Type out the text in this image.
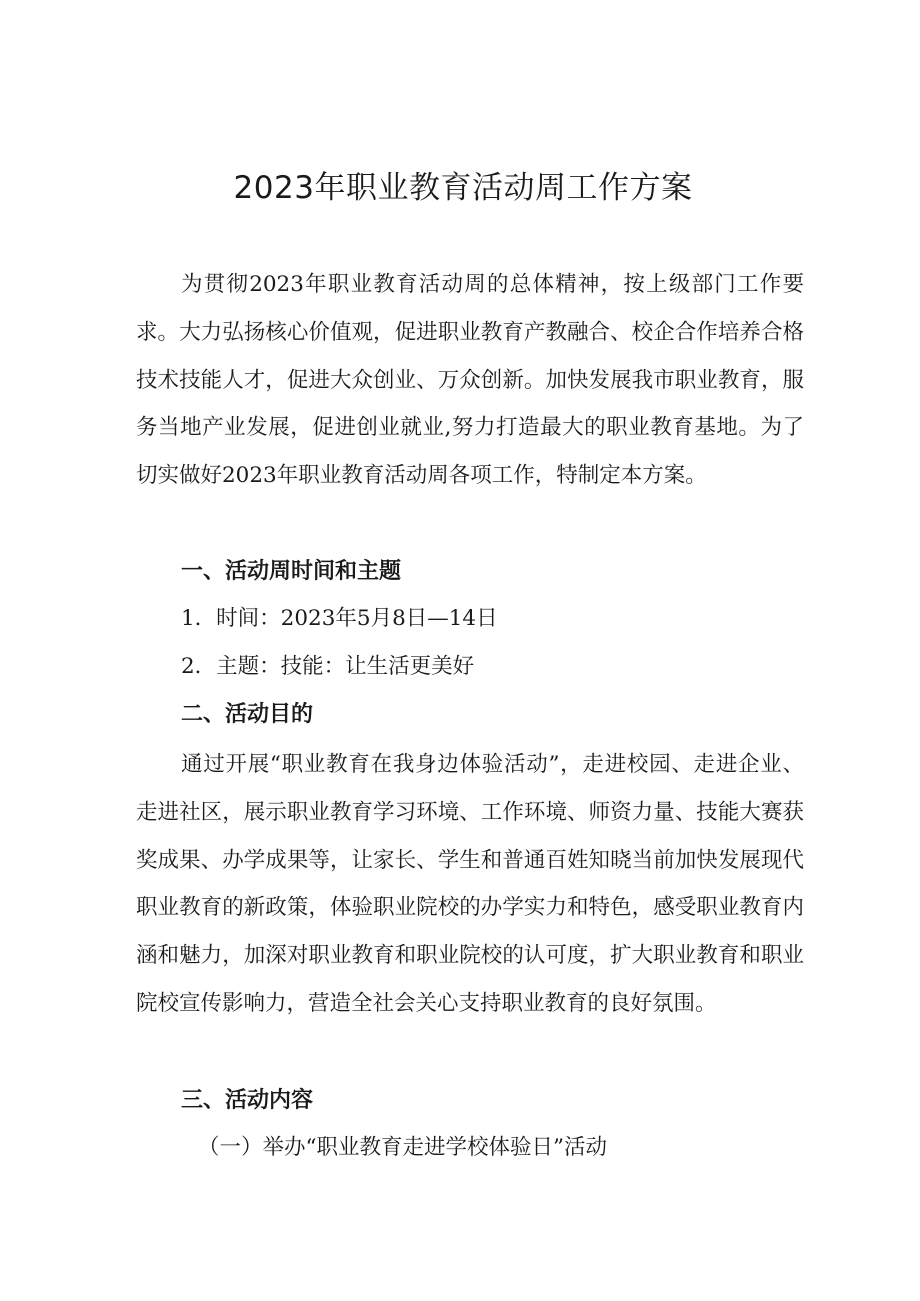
2023年职业教育活动周工作方案

为贯彻2023年职业教育活动周的总体精神，按上级部门工作要求。大力弘扬核心价值观，促进职业教育产教融合、校企合作培养合格技术技能人才，促进大众创业、万众创新。加快发展我市职业教育，服务当地产业发展，促进创业就业,努力打造最大的职业教育基地。为了切实做好2023年职业教育活动周各项工作，特制定本方案。

一、活动周时间和主题

1．时间：2023年5月8日—14日

2．主题：技能：让生活更美好

二、活动目的

通过开展“职业教育在我身边体验活动”，走进校园、走进企业、走进社区，展示职业教育学习环境、工作环境、师资力量、技能大赛获奖成果、办学成果等，让家长、学生和普通百姓知晓当前加快发展现代职业教育的新政策，体验职业院校的办学实力和特色，感受职业教育内涵和魅力，加深对职业教育和职业院校的认可度，扩大职业教育和职业院校宣传影响力，营造全社会关心支持职业教育的良好氛围。

三、活动内容

（一）举办“职业教育走进学校体验日”活动
